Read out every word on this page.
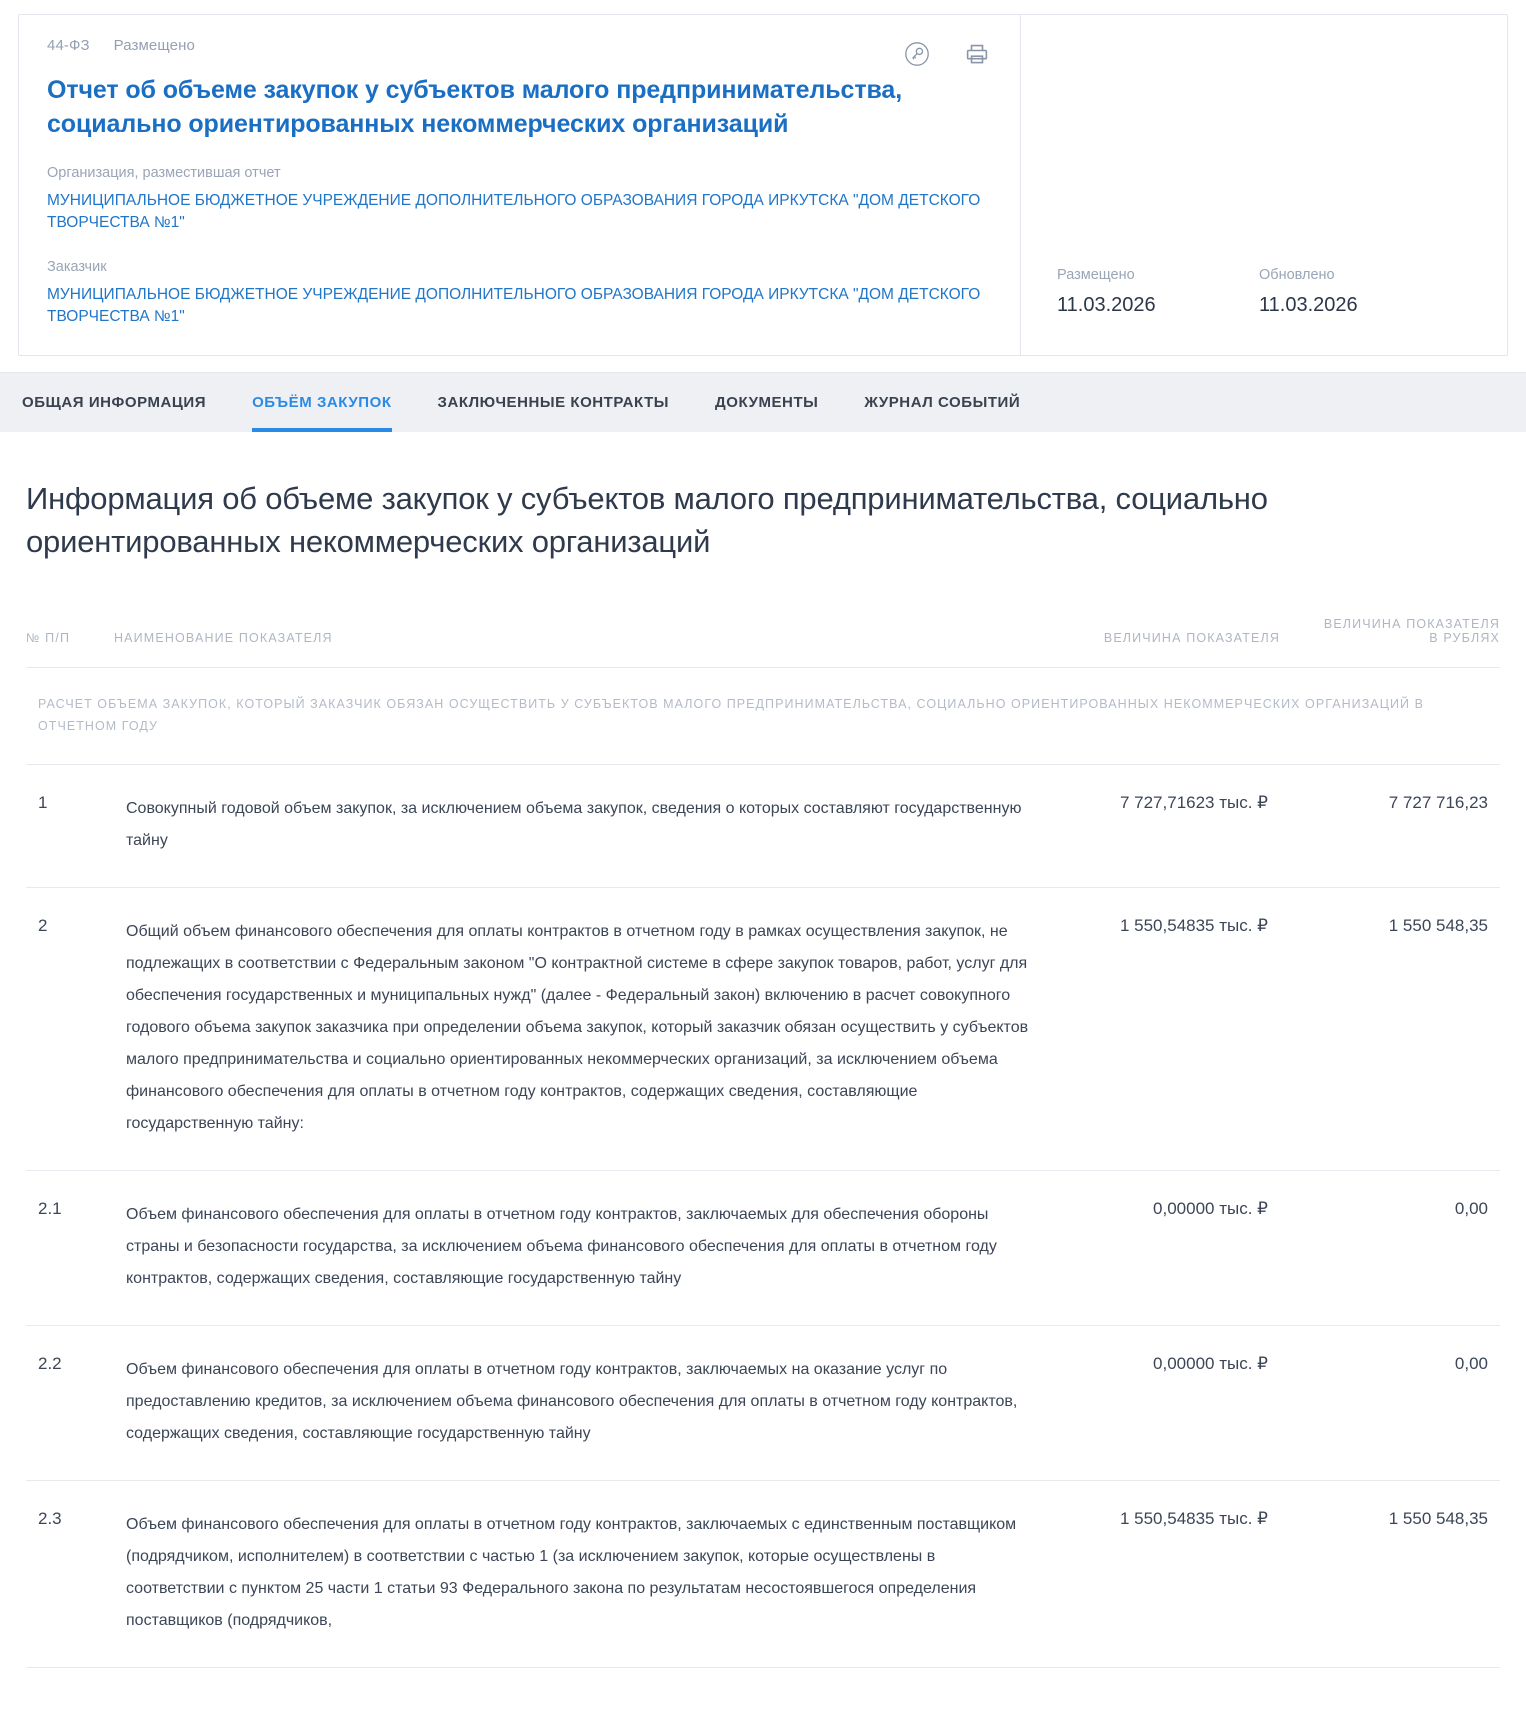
44-ФЗ Размещено
Отчет об объеме закупок у субъектов малого предпринимательства, социально ориентированных некоммерческих организаций
Организация, разместившая отчет
МУНИЦИПАЛЬНОЕ БЮДЖЕТНОЕ УЧРЕЖДЕНИЕ ДОПОЛНИТЕЛЬНОГО ОБРАЗОВАНИЯ ГОРОДА ИРКУТСКА "ДОМ ДЕТСКОГО ТВОРЧЕСТВА №1"
Заказчик
МУНИЦИПАЛЬНОЕ БЮДЖЕТНОЕ УЧРЕЖДЕНИЕ ДОПОЛНИТЕЛЬНОГО ОБРАЗОВАНИЯ ГОРОДА ИРКУТСКА "ДОМ ДЕТСКОГО ТВОРЧЕСТВА №1"
Размещено
11.03.2026
Обновлено
11.03.2026
ОБЩАЯ ИНФОРМАЦИЯ	ОБЪЁМ ЗАКУПОК	ЗАКЛЮЧЕННЫЕ КОНТРАКТЫ	ДОКУМЕНТЫ	ЖУРНАЛ СОБЫТИЙ
Информация об объеме закупок у субъектов малого предпринимательства, социально ориентированных некоммерческих организаций
№ П/П	НАИМЕНОВАНИЕ ПОКАЗАТЕЛЯ	ВЕЛИЧИНА ПОКАЗАТЕЛЯ	ВЕЛИЧИНА ПОКАЗАТЕЛЯ
В РУБЛЯХ

РАСЧЕТ ОБЪЕМА ЗАКУПОК, КОТОРЫЙ ЗАКАЗЧИК ОБЯЗАН ОСУЩЕСТВИТЬ У СУБЪЕКТОВ МАЛОГО ПРЕДПРИНИМАТЕЛЬСТВА, СОЦИАЛЬНО ОРИЕНТИРОВАННЫХ НЕКОММЕРЧЕСКИХ ОРГАНИЗАЦИЙ В ОТЧЕТНОМ ГОДУ			

1	Совокупный годовой объем закупок, за исключением объема закупок, сведения о которых составляют государственную тайну	7 727,71623 тыс. ₽	7 727 716,23
2	Общий объем финансового обеспечения для оплаты контрактов в отчетном году в рамках осуществления закупок, не подлежащих в соответствии с Федеральным законом "О контрактной системе в сфере закупок товаров, работ, услуг для обеспечения государственных и муниципальных нужд" (далее - Федеральный закон) включению в расчет совокупного годового объема закупок заказчика при определении объема закупок, который заказчик обязан осуществить у субъектов малого предпринимательства и социально ориентированных некоммерческих организаций, за исключением объема финансового обеспечения для оплаты в отчетном году контрактов, содержащих сведения, составляющие государственную тайну:	1 550,54835 тыс. ₽	1 550 548,35
2.1	Объем финансового обеспечения для оплаты в отчетном году контрактов, заключаемых для обеспечения обороны страны и безопасности государства, за исключением объема финансового обеспечения для оплаты в отчетном году контрактов, содержащих сведения, составляющие государственную тайну	0,00000 тыс. ₽	0,00
2.2	Объем финансового обеспечения для оплаты в отчетном году контрактов, заключаемых на оказание услуг по предоставлению кредитов, за исключением объема финансового обеспечения для оплаты в отчетном году контрактов, содержащих сведения, составляющие государственную тайну	0,00000 тыс. ₽	0,00
2.3	Объем финансового обеспечения для оплаты в отчетном году контрактов, заключаемых с единственным поставщиком (подрядчиком, исполнителем) в соответствии с частью 1 (за исключением закупок, которые осуществлены в соответствии с пунктом 25 части 1 статьи 93 Федерального закона по результатам несостоявшегося определения поставщиков (подрядчиков,	1 550,54835 тыс. ₽	1 550 548,35
